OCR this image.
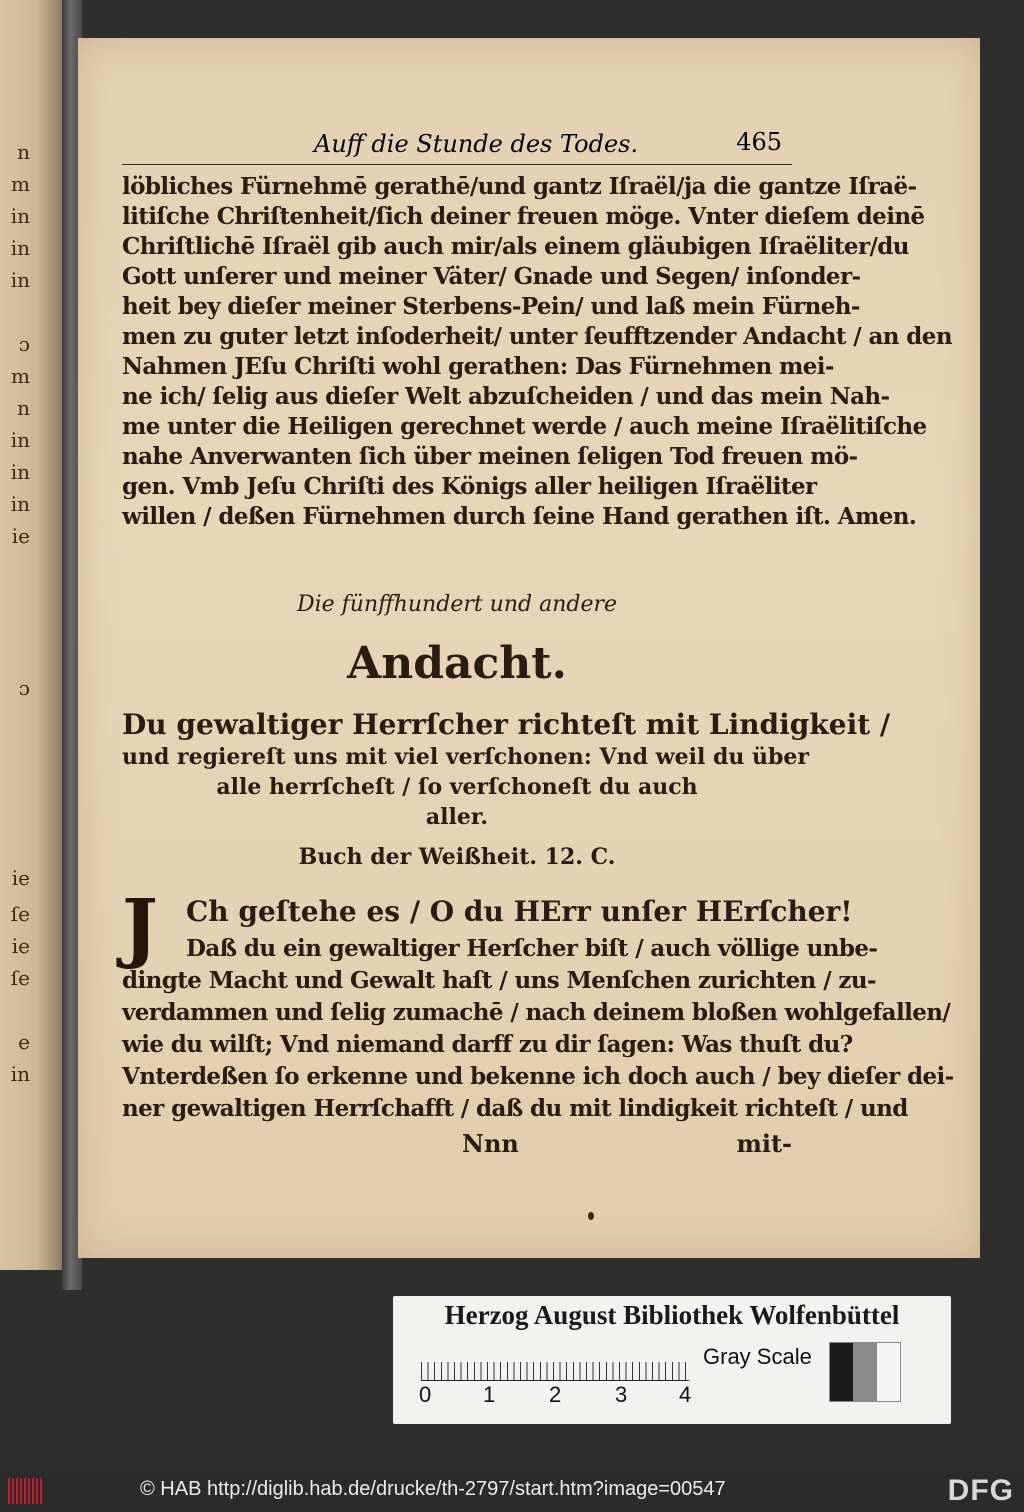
n
m
in
in
in
ɔ
m
n
in
in
in
ie
ɔ
ie
ſe
ie
ſe
e
in
Auff die Stunde des Todes.	465
löbliches Fürnehmē gerathē/und gantz Iſraël/ja die gantze Iſraë‑
litiſche Chriſtenheit/ſich deiner freuen möge. Vnter dieſem deinē
Chriſtlichē Iſraël gib auch mir/als einem gläubigen Iſraëliter/du
Gott unſerer und meiner Väter/ Gnade und Segen/ inſonder‑
heit bey dieſer meiner Sterbens‑Pein/ und laß mein Fürneh‑
men zu guter letzt inſoderheit/ unter ſeufftzender Andacht / an den
Nahmen JEſu Chriſti wohl gerathen: Das Fürnehmen mei‑
ne ich/ ſelig aus dieſer Welt abzuſcheiden / und das mein Nah‑
me unter die Heiligen gerechnet werde / auch meine Iſraëlitiſche
nahe Anverwanten ſich über meinen ſeligen Tod freuen mö‑
gen. Vmb Jeſu Chriſti des Königs aller heiligen Iſraëliter
willen / deßen Fürnehmen durch ſeine Hand gerathen iſt. Amen.
Die fünffhundert und andere
Andacht.
Du gewaltiger Herrſcher richteſt mit Lindigkeit /
und regiereſt uns mit viel verſchonen: Vnd weil du über
alle herrſcheſt / ſo verſchoneſt du auch
aller.
Buch der Weißheit. 12. C.
J	Ch geſtehe es / O du HErr unſer HErſcher!
Daß du ein gewaltiger Herſcher biſt / auch völlige unbe‑
dingte Macht und Gewalt haſt / uns Menſchen zurichten / zu‑
verdammen und ſelig zumachē / nach deinem bloßen wohlgefallen/
wie du wilſt; Vnd niemand darff zu dir ſagen: Was thuſt du?
Vnterdeßen ſo erkenne und bekenne ich doch auch / bey dieſer dei‑
ner gewaltigen Herrſchafft / daß du mit lindigkeit richteſt / und
Nnn	mit‑
Herzog August Bibliothek Wolfenbüttel
0 1 2 3 4
Gray Scale
© HAB http://diglib.hab.de/drucke/th-2797/start.htm?image=00547	DFG
